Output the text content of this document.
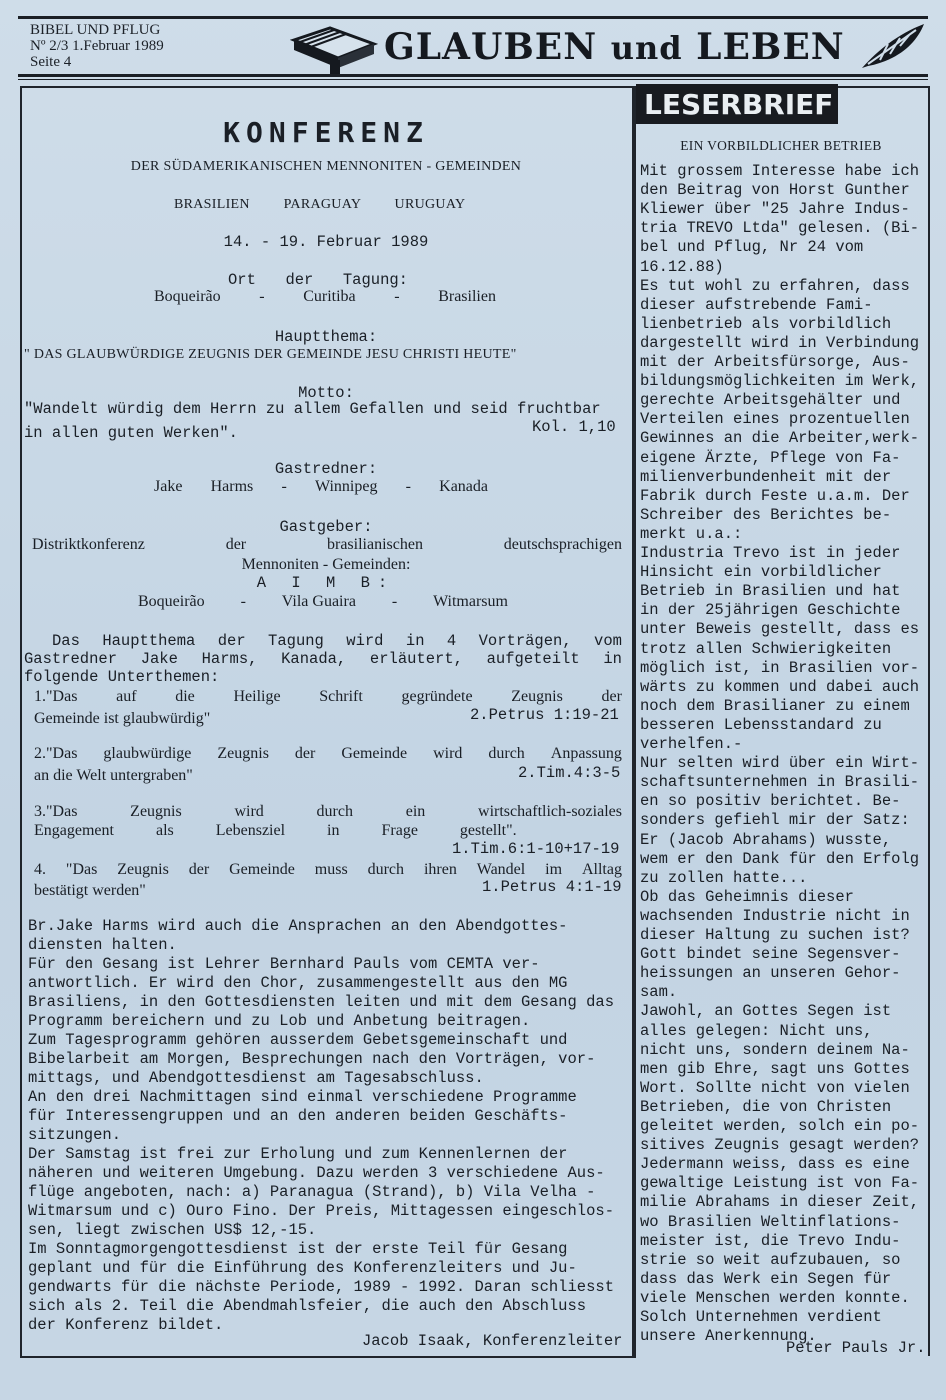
BIBEL UND PFLUG
Nº 2/3 1.Februar 1989
Seite 4	GLAUBEN und LEBEN
KONFERENZ
DER SÜDAMERIKANISCHEN MENNONITEN - GEMEINDEN
BRASILIEN PARAGUAY URUGUAY
14. - 19. Februar 1989
Ort der Tagung:
Boqueirão - Curitiba - Brasilien
Hauptthema:
" DAS GLAUBWÜRDIGE ZEUGNIS DER GEMEINDE JESU CHRISTI HEUTE"
Motto:
"Wandelt würdig dem Herrn zu allem Gefallen und seid fruchtbar
in allen guten Werken".	Kol. 1,10
Gastredner:
Jake Harms - Winnipeg - Kanada
Gastgeber:
Distriktkonferenz	der	brasilianischen	deutschsprachigen
Mennoniten - Gemeinden:
A I M B:
Boqueirão - Vila Guaira - Witmarsum
Das Hauptthema der Tagung wird in 4 Vorträgen, vom
Gastredner Jake Harms, Kanada, erläutert, aufgeteilt in
folgende Unterthemen:
1."Das auf die Heilige Schrift gegründete Zeugnis der
Gemeinde ist glaubwürdig"	2.Petrus 1:19-21
2."Das glaubwürdige Zeugnis der Gemeinde wird durch Anpassung
an die Welt untergraben"	2.Tim.4:3-5
3."Das	Zeugnis	wird	durch	ein	wirtschaftlich-soziales
Engagement als Lebensziel in Frage gestellt".
1.Tim.6:1-10+17-19
4. "Das Zeugnis der Gemeinde muss durch ihren Wandel im Alltag
bestätigt werden"	1.Petrus 4:1-19
Br.Jake Harms wird auch die Ansprachen an den Abendgottes-
diensten halten.
Für den Gesang ist Lehrer Bernhard Pauls vom CEMTA ver-
antwortlich. Er wird den Chor, zusammengestellt aus den MG
Brasiliens, in den Gottesdiensten leiten und mit dem Gesang das
Programm bereichern und zu Lob und Anbetung beitragen.
Zum Tagesprogramm gehören ausserdem Gebetsgemeinschaft und
Bibelarbeit am Morgen, Besprechungen nach den Vorträgen, vor-
mittags, und Abendgottesdienst am Tagesabschluss.
An den drei Nachmittagen sind einmal verschiedene Programme
für Interessengruppen und an den anderen beiden Geschäfts-
sitzungen.
Der Samstag ist frei zur Erholung und zum Kennenlernen der
näheren und weiteren Umgebung. Dazu werden 3 verschiedene Aus-
flüge angeboten, nach: a) Paranagua (Strand), b) Vila Velha -
Witmarsum und c) Ouro Fino. Der Preis, Mittagessen eingeschlos-
sen, liegt zwischen US$ 12,-15.
Im Sonntagmorgengottesdienst ist der erste Teil für Gesang
geplant und für die Einführung des Konferenzleiters und Ju-
gendwarts für die nächste Periode, 1989 - 1992. Daran schliesst
sich als 2. Teil die Abendmahlsfeier, die auch den Abschluss
der Konferenz bildet.
Jacob Isaak, Konferenzleiter
LESERBRIEF
EIN VORBILDLICHER BETRIEB
Mit grossem Interesse habe ich
den Beitrag von Horst Gunther
Kliewer über "25 Jahre Indus-
tria TREVO Ltda" gelesen. (Bi-
bel und Pflug, Nr 24 vom
16.12.88)
Es tut wohl zu erfahren, dass
dieser aufstrebende Fami-
lienbetrieb als vorbildlich
dargestellt wird in Verbindung
mit der Arbeitsfürsorge, Aus-
bildungsmöglichkeiten im Werk,
gerechte Arbeitsgehälter und
Verteilen eines prozentuellen
Gewinnes an die Arbeiter,werk-
eigene Ärzte, Pflege von Fa-
milienverbundenheit mit der
Fabrik durch Feste u.a.m. Der
Schreiber des Berichtes be-
merkt u.a.:
Industria Trevo ist in jeder
Hinsicht ein vorbildlicher
Betrieb in Brasilien und hat
in der 25jährigen Geschichte
unter Beweis gestellt, dass es
trotz allen Schwierigkeiten
möglich ist, in Brasilien vor-
wärts zu kommen und dabei auch
noch dem Brasilianer zu einem
besseren Lebensstandard zu
verhelfen.-
Nur selten wird über ein Wirt-
schaftsunternehmen in Brasili-
en so positiv berichtet. Be-
sonders gefiehl mir der Satz:
Er (Jacob Abrahams) wusste,
wem er den Dank für den Erfolg
zu zollen hatte...
Ob das Geheimnis dieser
wachsenden Industrie nicht in
dieser Haltung zu suchen ist?
Gott bindet seine Segensver-
heissungen an unseren Gehor-
sam.
Jawohl, an Gottes Segen ist
alles gelegen: Nicht uns,
nicht uns, sondern deinem Na-
men gib Ehre, sagt uns Gottes
Wort. Sollte nicht von vielen
Betrieben, die von Christen
geleitet werden, solch ein po-
sitives Zeugnis gesagt werden?
Jedermann weiss, dass es eine
gewaltige Leistung ist von Fa-
milie Abrahams in dieser Zeit,
wo Brasilien Weltinflations-
meister ist, die Trevo Indu-
strie so weit aufzubauen, so
dass das Werk ein Segen für
viele Menschen werden konnte.
Solch Unternehmen verdient
unsere Anerkennung.
Peter Pauls Jr.
